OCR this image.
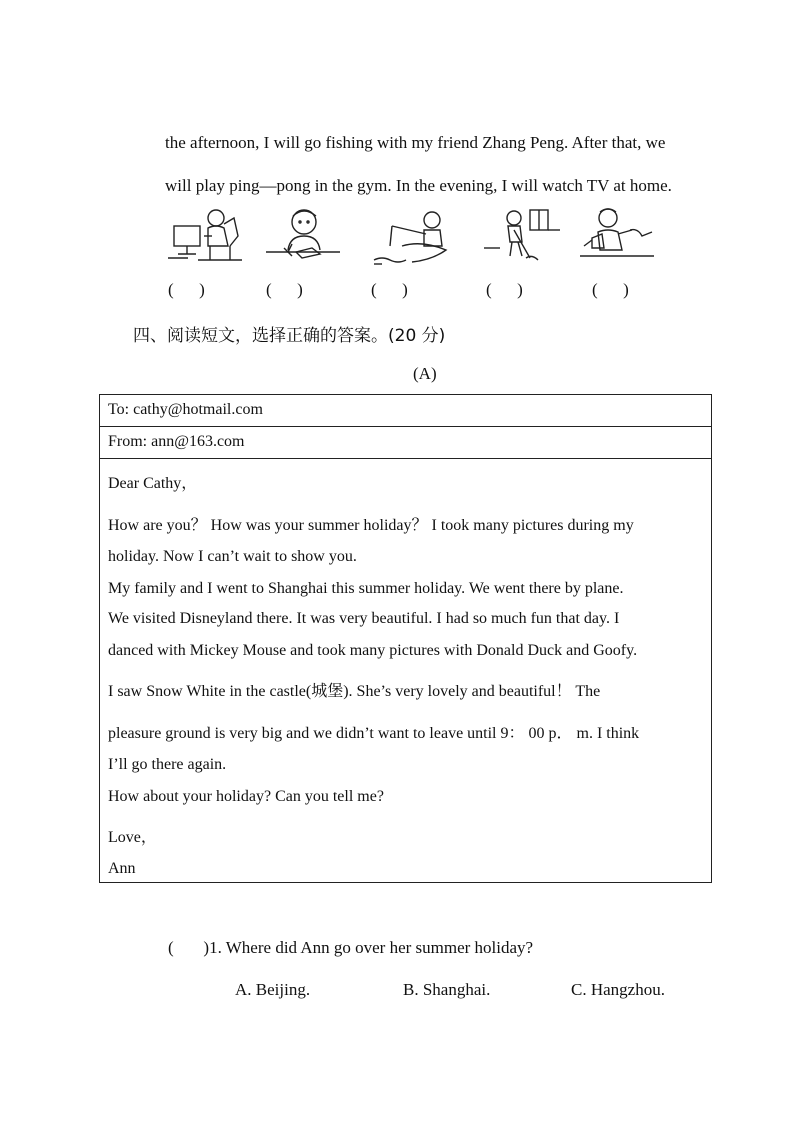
the afternoon, I will go fishing with my friend Zhang Peng. After that, we
will play ping—pong in the gym. In the evening, I will watch TV at home.
(      )	(      )	(      )	(      )	(      )
四、阅读短文，选择正确的答案。(20 分)
(A)
To: cathy@hotmail.com
From: ann@163.com
Dear Cathy，
How are you？ How was your summer holiday？ I took many pictures during my
holiday. Now I can’t wait to show you.
My family and I went to Shanghai this summer holiday. We went there by plane.
We visited Disneyland there. It was very beautiful. I had so much fun that day. I
danced with Mickey Mouse and took many pictures with Donald Duck and Goofy.
I saw Snow White in the castle(城堡). She’s very lovely and beautiful！ The
pleasure ground is very big and we didn’t want to leave until 9： 00 p． m. I think
I’ll go there again.
How about your holiday? Can you tell me?
Love，
Ann
(       )1. Where did Ann go over her summer holiday?
A. Beijing.	B. Shanghai.	C. Hangzhou.
